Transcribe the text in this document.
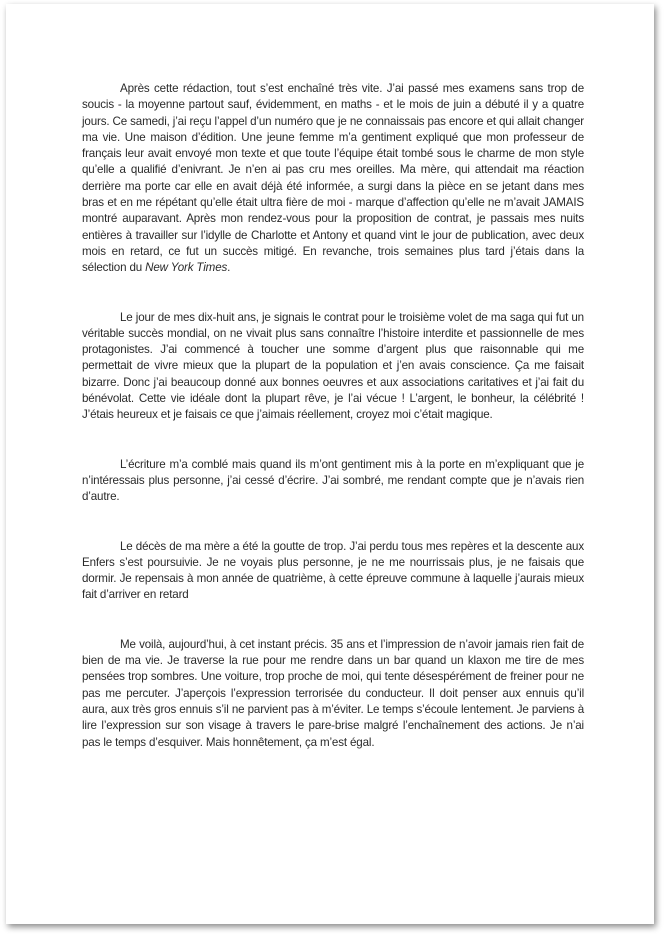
Après cette rédaction, tout s’est enchaîné très vite. J’ai passé mes examens sans trop de soucis - la moyenne partout sauf, évidemment, en maths - et le mois de juin a débuté il y a quatre jours. Ce samedi, j’ai reçu l’appel d’un numéro que je ne connaissais pas encore et qui allait changer ma vie. Une maison d’édition. Une jeune femme m’a gentiment expliqué que mon professeur de français leur avait envoyé mon texte et que toute l’équipe était tombé sous le charme de mon style qu’elle a qualifié d’enivrant. Je n’en ai pas cru mes oreilles. Ma mère, qui attendait ma réaction derrière ma porte car elle en avait déjà été informée, a surgi dans la pièce en se jetant dans mes bras et en me répétant qu’elle était ultra fière de moi - marque d’affection qu’elle ne m’avait JAMAIS montré auparavant. Après mon rendez-vous pour la proposition de contrat, je passais mes nuits entières à travailler sur l’idylle de Charlotte et Antony et quand vint le jour de publication, avec deux mois en retard, ce fut un succès mitigé. En revanche, trois semaines plus tard j’étais dans la sélection du New York Times.

Le jour de mes dix-huit ans, je signais le contrat pour le troisième volet de ma saga qui fut un véritable succès mondial, on ne vivait plus sans connaître l’histoire interdite et passionnelle de mes protagonistes. J’ai commencé à toucher une somme d’argent plus que raisonnable qui me permettait de vivre mieux que la plupart de la population et j’en avais conscience. Ça me faisait bizarre. Donc j’ai beaucoup donné aux bonnes oeuvres et aux associations caritatives et j’ai fait du bénévolat. Cette vie idéale dont la plupart rêve, je l’ai vécue ! L’argent, le bonheur, la célébrité ! J’étais heureux et je faisais ce que j’aimais réellement, croyez moi c’était magique.

L’écriture m’a comblé mais quand ils m’ont gentiment mis à la porte en m’expliquant que je n’intéressais plus personne, j’ai cessé d’écrire. J’ai sombré, me rendant compte que je n’avais rien d’autre.

Le décès de ma mère a été la goutte de trop. J’ai perdu tous mes repères et la descente aux Enfers s’est poursuivie. Je ne voyais plus personne, je ne me nourrissais plus, je ne faisais que dormir. Je repensais à mon année de quatrième, à cette épreuve commune à laquelle j’aurais mieux fait d’arriver en retard

Me voilà, aujourd’hui, à cet instant précis. 35 ans et l’impression de n’avoir jamais rien fait de bien de ma vie. Je traverse la rue pour me rendre dans un bar quand un klaxon me tire de mes pensées trop sombres. Une voiture, trop proche de moi, qui tente désespérément de freiner pour ne pas me percuter. J’aperçois l’expression terrorisée du conducteur. Il doit penser aux ennuis qu’il aura, aux très gros ennuis s’il ne parvient pas à m’éviter. Le temps s’écoule lentement. Je parviens à lire l’expression sur son visage à travers le pare-brise malgré l’enchaînement des actions. Je n’ai pas le temps d’esquiver. Mais honnêtement, ça m’est égal.
